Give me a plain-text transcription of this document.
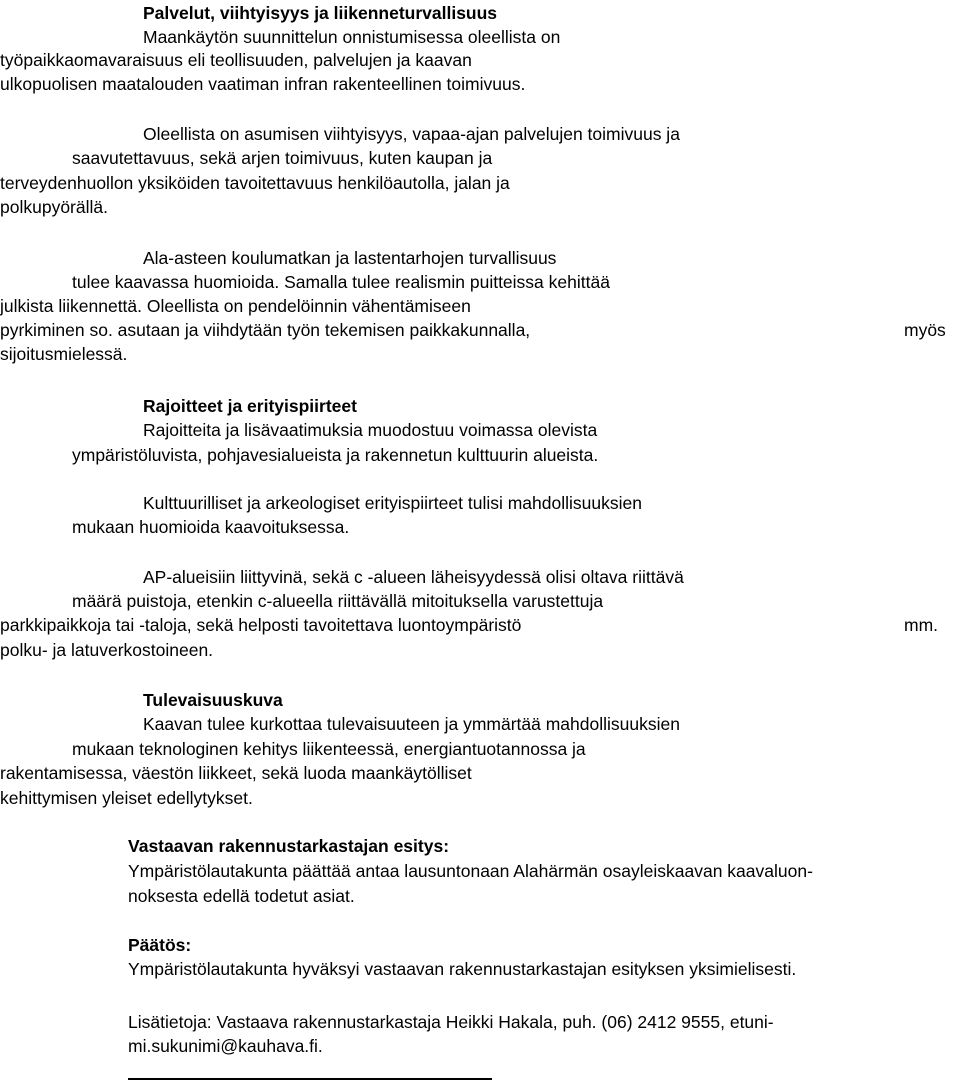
Palvelut, viihtyisyys ja liikenneturvallisuus
Maankäytön suunnittelun onnistumisessa oleellista on
työpaikkaomavaraisuus eli teollisuuden, palvelujen ja kaavan
ulkopuolisen maatalouden vaatiman infran rakenteellinen toimivuus.
Oleellista on asumisen viihtyisyys, vapaa-ajan palvelujen toimivuus ja
saavutettavuus, sekä arjen toimivuus, kuten kaupan ja
terveydenhuollon yksiköiden tavoitettavuus henkilöautolla, jalan ja
polkupyörällä.
Ala-asteen koulumatkan ja lastentarhojen turvallisuus
tulee kaavassa huomioida. Samalla tulee realismin puitteissa kehittää
julkista liikennettä. Oleellista on pendelöinnin vähentämiseen
pyrkiminen so. asutaan ja viihdytään työn tekemisen paikkakunnalla,	myös
sijoitusmielessä.
Rajoitteet ja erityispiirteet
Rajoitteita ja lisävaatimuksia muodostuu voimassa olevista
ympäristöluvista, pohjavesialueista ja rakennetun kulttuurin alueista.
Kulttuurilliset ja arkeologiset erityispiirteet tulisi mahdollisuuksien
mukaan huomioida kaavoituksessa.
AP-alueisiin liittyvinä, sekä c -alueen läheisyydessä olisi oltava riittävä
määrä puistoja, etenkin c-alueella riittävällä mitoituksella varustettuja
parkkipaikkoja tai -taloja, sekä helposti tavoitettava luontoympäristö	mm.
polku- ja latuverkostoineen.
Tulevaisuuskuva
Kaavan tulee kurkottaa tulevaisuuteen ja ymmärtää mahdollisuuksien
mukaan teknologinen kehitys liikenteessä, energiantuotannossa ja
rakentamisessa, väestön liikkeet, sekä luoda maankäytölliset
kehittymisen yleiset edellytykset.
Vastaavan rakennustarkastajan esitys:
Ympäristölautakunta päättää antaa lausuntonaan Alahärmän osayleiskaavan kaavaluon-
noksesta edellä todetut asiat.
Päätös:
Ympäristölautakunta hyväksyi vastaavan rakennustarkastajan esityksen yksimielisesti.
Lisätietoja: Vastaava rakennustarkastaja Heikki Hakala, puh. (06) 2412 9555, etuni-
mi.sukunimi@kauhava.fi.
